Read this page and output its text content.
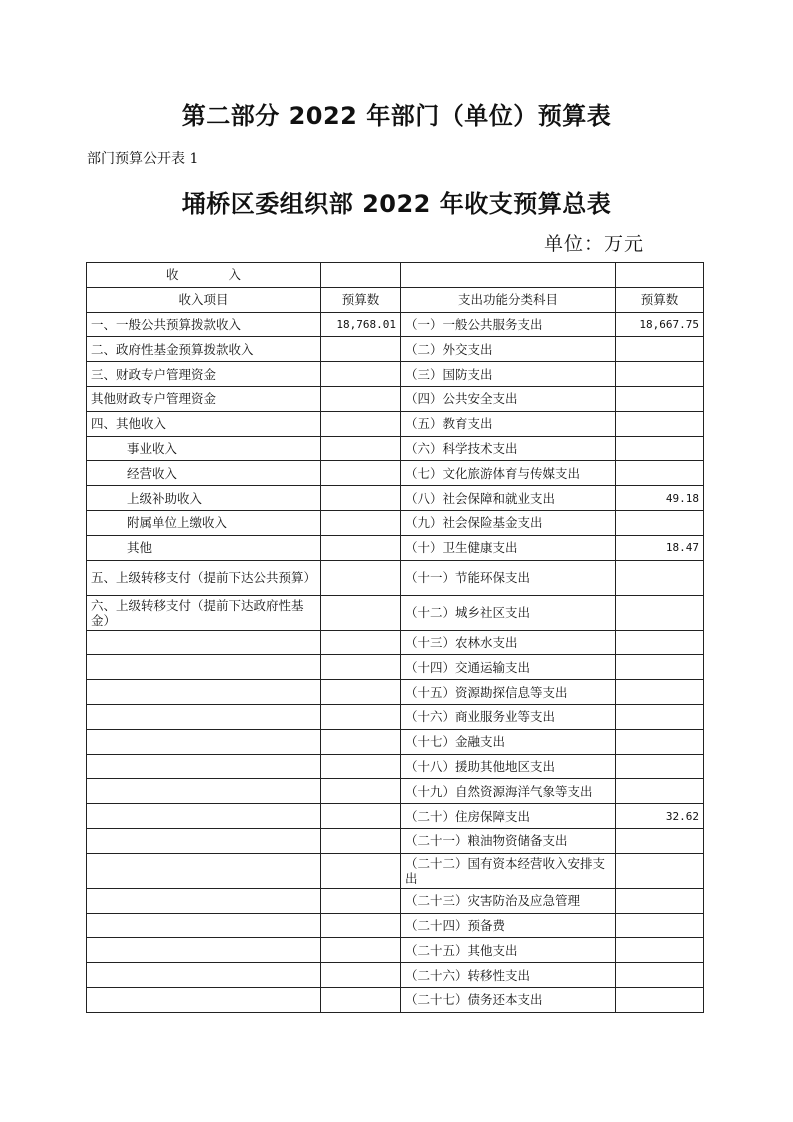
第二部分 2022 年部门（单位）预算表
部门预算公开表 1
埇桥区委组织部 2022 年收支预算总表
单位：万元
收　　　　入			
收入项目	预算数	支出功能分类科目	预算数
一、一般公共预算拨款收入	18,768.01	（一）一般公共服务支出	18,667.75
二、政府性基金预算拨款收入		（二）外交支出	
三、财政专户管理资金		（三）国防支出	
其他财政专户管理资金		（四）公共安全支出	
四、其他收入		（五）教育支出	
事业收入		（六）科学技术支出	
经营收入		（七）文化旅游体育与传媒支出	
上级补助收入		（八）社会保障和就业支出	49.18
附属单位上缴收入		（九）社会保险基金支出	
其他		（十）卫生健康支出	18.47
五、上级转移支付（提前下达公共预算）		（十一）节能环保支出	
六、上级转移支付（提前下达政府性基金）		（十二）城乡社区支出	
		（十三）农林水支出	
		（十四）交通运输支出	
		（十五）资源勘探信息等支出	
		（十六）商业服务业等支出	
		（十七）金融支出	
		（十八）援助其他地区支出	
		（十九）自然资源海洋气象等支出	
		（二十）住房保障支出	32.62
		（二十一）粮油物资储备支出	
		（二十二）国有资本经营收入安排支出	
		（二十三）灾害防治及应急管理	
		（二十四）预备费	
		（二十五）其他支出	
		（二十六）转移性支出	
		（二十七）债务还本支出	
